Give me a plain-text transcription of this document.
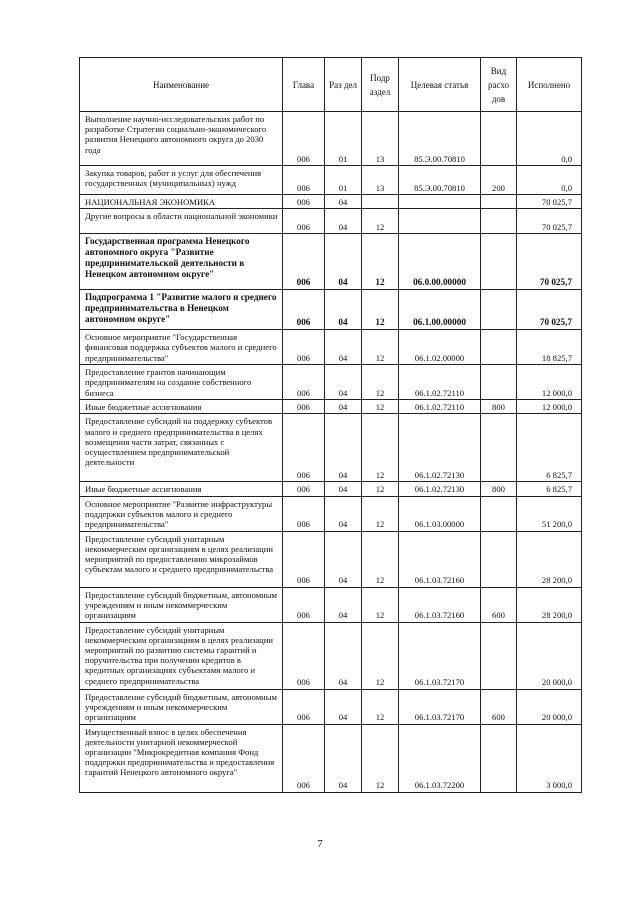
Наименование	Глава	Раз дел	Подр аздел	Целевая статья	Вид расхо дов	Исполнено
Выполнение научно-исследовательских работ по разработке Стратегии социально-экономического развития Ненецкого автономного округа до 2030 года	006	01	13	85.Э.00.70810		0,0
Закупка товаров, работ и услуг для обеспечения государственных (муниципальных) нужд	006	01	13	85.Э.00.70810	200	0,0
НАЦИОНАЛЬНАЯ ЭКОНОМИКА	006	04				70 025,7
Другие вопросы в области национальной экономики	006	04	12			70 025,7
Государственная программа Ненецкого автономного округа "Развитие предпринимательской деятельности в Ненецком автономном округе"	006	04	12	06.0.00.00000		70 025,7
Подпрограмма 1 "Развитие малого и среднего предпринимательства в Ненецком автономном округе"	006	04	12	06.1.00.00000		70 025,7
Основное мероприятие "Государственная финансовая поддержка субъектов малого и среднего предпринимательства"	006	04	12	06.1.02.00000		18 825,7
Предоставление грантов начинающим предпринимателям на создание собственного бизнеса	006	04	12	06.1.02.72110		12 000,0
Иные бюджетные ассигнования	006	04	12	06.1.02.72110	800	12 000,0
Предоставление субсидий на поддержку субъектов малого и среднего предпринимательства в целях возмещения части затрат, связанных с осуществлением предпринимательской деятельности	006	04	12	06.1.02.72130		6 825,7
Иные бюджетные ассигнования	006	04	12	06.1.02.72130	800	6 825,7
Основное мероприятие "Развитие инфраструктуры поддержки субъектов малого и среднего предпринимательства"	006	04	12	06.1.03.00000		51 200,0
Предоставление субсидий унитарным некоммерческим организациям в целях реализации мероприятий по предоставлению микрозаймов субъектам малого и среднего предпринимательства	006	04	12	06.1.03.72160		28 200,0
Предоставление субсидий бюджетным, автономным учреждениям и иным некоммерческим организациям	006	04	12	06.1.03.72160	600	28 200,0
Предоставление субсидий унитарным некоммерческим организациям в целях реализации мероприятий по развитию системы гарантий и поручительства при получении кредитов в кредитных организациях субъектами малого и среднего предпринимательства	006	04	12	06.1.03.72170		20 000,0
Предоставление субсидий бюджетным, автономным учреждениям и иным некоммерческим организациям	006	04	12	06.1.03.72170	600	20 000,0
Имущественный взнос в целях обеспечения деятельности унитарной некоммерческой организации "Микрокредитная компания Фонд поддержки предпринимательства и предоставления гарантий Ненецкого автономного округа"	006	04	12	06.1.03.72200		3 000,0
7
